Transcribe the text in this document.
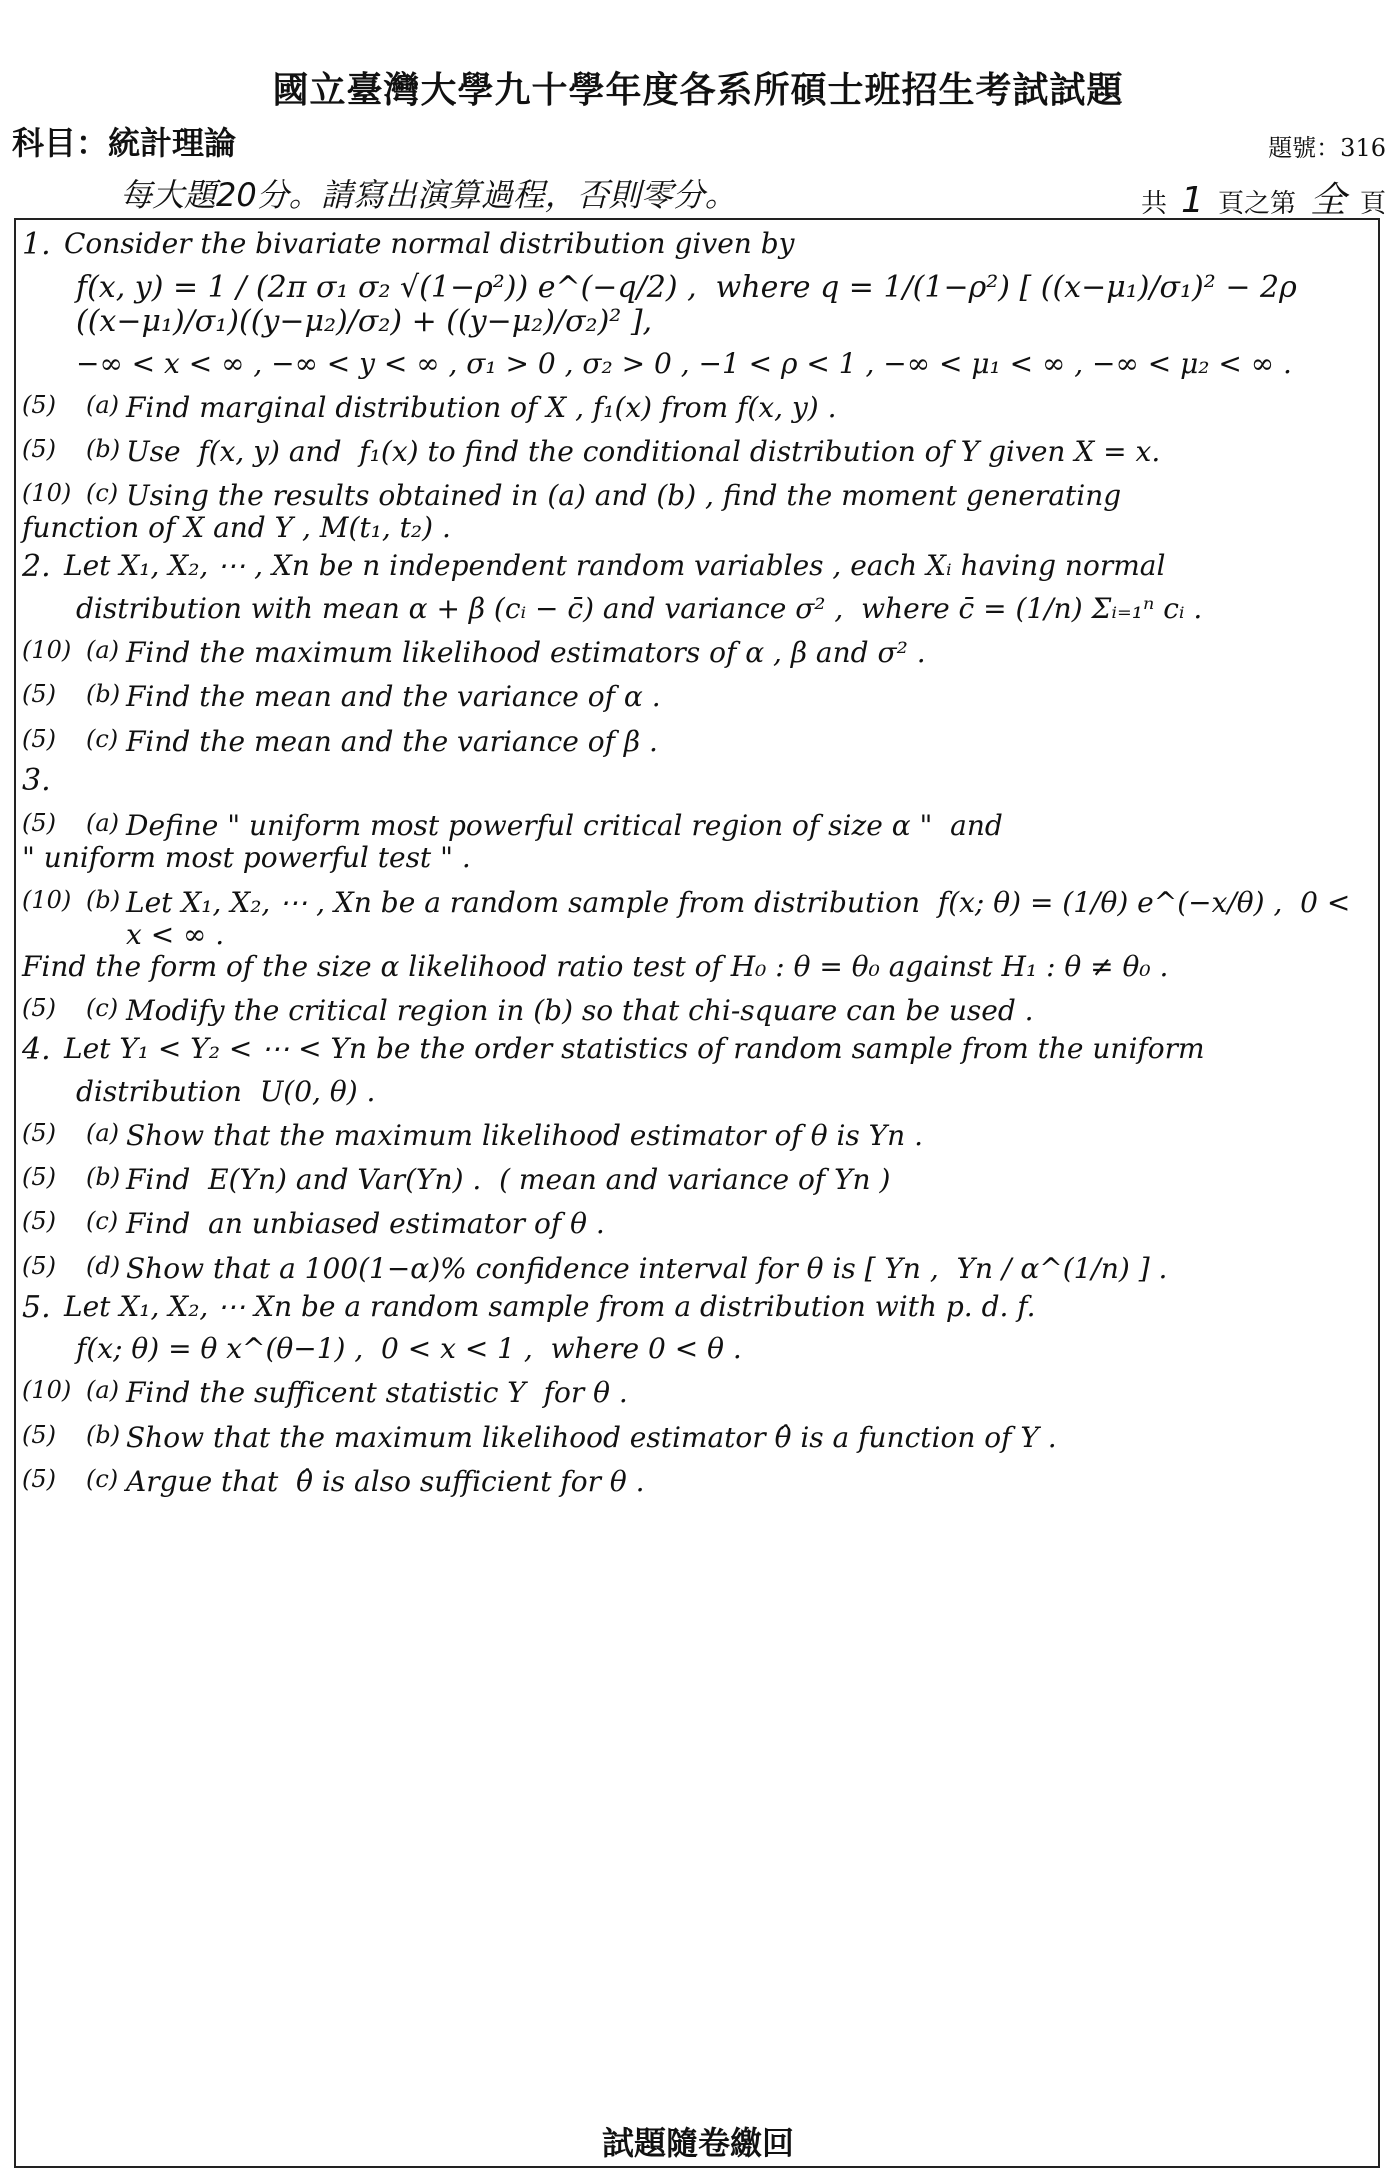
國立臺灣大學九十學年度各系所碩士班招生考試試題
科目：統計理論	題號：316
每大題20分。請寫出演算過程，否則零分。	共 1 頁之第 全 頁
1. Consider the bivariate normal distribution given by
f(x, y) = 1 / (2π σ₁ σ₂ √(1−ρ²)) e^(−q/2) ,  where q = 1/(1−ρ²) [ ((x−μ₁)/σ₁)² − 2ρ ((x−μ₁)/σ₁)((y−μ₂)/σ₂) + ((y−μ₂)/σ₂)² ],
−∞ < x < ∞ , −∞ < y < ∞ , σ₁ > 0 , σ₂ > 0 , −1 < ρ < 1 , −∞ < μ₁ < ∞ , −∞ < μ₂ < ∞ .
(5)	(a) Find marginal distribution of X , f₁(x) from f(x, y) .
(5)	(b) Use  f(x, y) and  f₁(x) to find the conditional distribution of Y given X = x.
(10) (c) Using the results obtained in (a) and (b) , find the moment generating
function of X and Y , M(t₁, t₂) .
2. Let X₁, X₂, ⋯ , Xn be n independent random variables , each Xᵢ having normal
distribution with mean α + β (cᵢ − c̄) and variance σ² ,  where c̄ = (1/n) Σᵢ₌₁ⁿ cᵢ .
(10) (a) Find the maximum likelihood estimators of α , β and σ² .
(5)	(b) Find the mean and the variance of α .
(5)	(c) Find the mean and the variance of β .
3.
(5)	(a) Define " uniform most powerful critical region of size α "  and
" uniform most powerful test " .
(10) (b) Let X₁, X₂, ⋯ , Xn be a random sample from distribution  f(x; θ) = (1/θ) e^(−x/θ) ,  0 < x < ∞ .
Find the form of the size α likelihood ratio test of H₀ : θ = θ₀ against H₁ : θ ≠ θ₀ .
(5)	(c) Modify the critical region in (b) so that chi-square can be used .
4. Let Y₁ < Y₂ < ⋯ < Yn be the order statistics of random sample from the uniform
distribution  U(0, θ) .
(5)	(a) Show that the maximum likelihood estimator of θ is Yn .
(5)	(b) Find  E(Yn) and Var(Yn) .  ( mean and variance of Yn )
(5)	(c) Find  an unbiased estimator of θ .
(5)	(d) Show that a 100(1−α)% confidence interval for θ is [ Yn ,  Yn / α^(1/n) ] .
5. Let X₁, X₂, ⋯ Xn be a random sample from a distribution with p. d. f.
f(x; θ) = θ x^(θ−1) ,  0 < x < 1 ,  where 0 < θ .
(10) (a) Find the sufficent statistic Y  for θ .
(5)	(b) Show that the maximum likelihood estimator θ̂ is a function of Y .
(5)	(c) Argue that  θ̂ is also sufficient for θ .
試題隨卷繳回
